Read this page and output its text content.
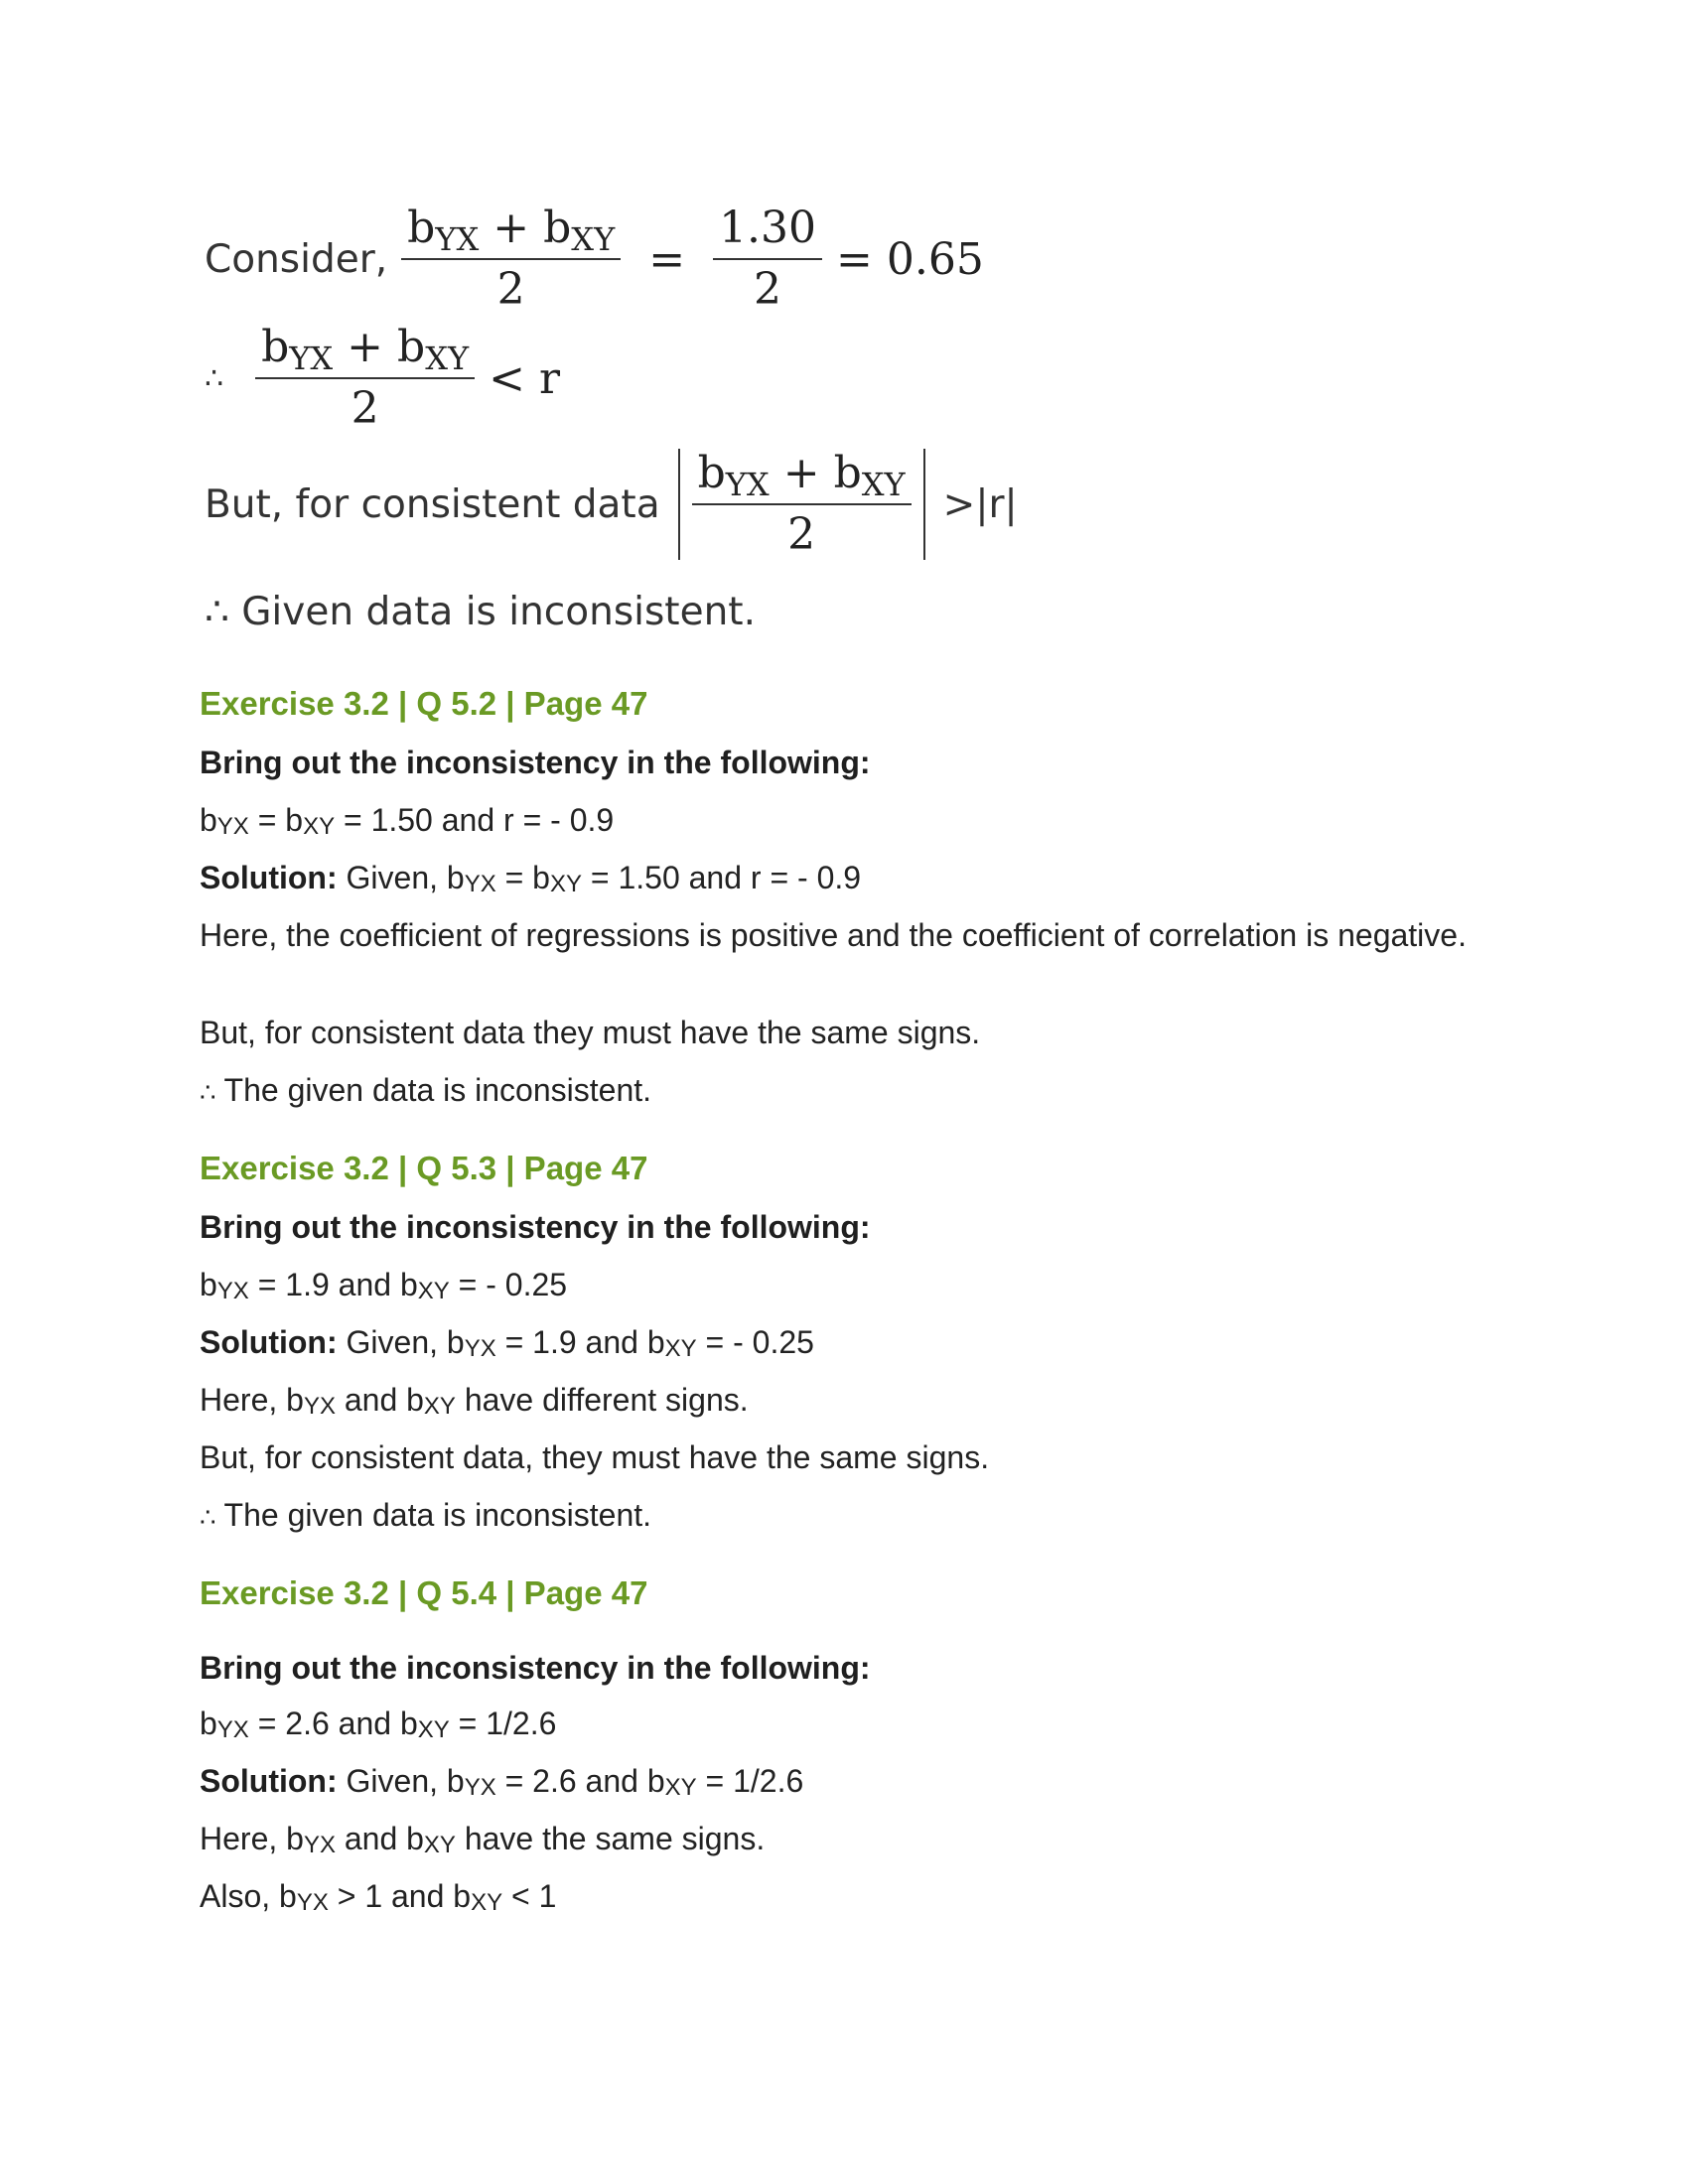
Consider, $\frac{\text{bYX + bXY}}{2} = \frac{1.30}{2} = 0.65$
∴ $\frac{\text{bYX + bXY}}{2} < r$
But, for consistent data $\frac{\text{bYX + bXY}}{2} >|r|$
∴ Given data is inconsistent.
Exercise 3.2 | Q 5.2 | Page 47
Bring out the inconsistency in the following:
bYX = bXY = 1.50 and r = - 0.9
Solution: Given, bYX = bXY = 1.50 and r = - 0.9
Here, the coefficient of regressions is positive and the coefficient of correlation is negative.
But, for consistent data they must have the same signs.
∴ The given data is inconsistent.
Exercise 3.2 | Q 5.3 | Page 47
Bring out the inconsistency in the following:
bYX = 1.9 and bXY = - 0.25
Solution: Given, bYX = 1.9 and bXY = - 0.25
Here, bYX and bXY have different signs.
But, for consistent data, they must have the same signs.
∴ The given data is inconsistent.
Exercise 3.2 | Q 5.4 | Page 47
Bring out the inconsistency in the following:
bYX = 2.6 and bXY = 1/2.6
Solution: Given, bYX = 2.6 and bXY = 1/2.6
Here, bYX and bXY have the same signs.
Also, bYX > 1 and bXY < 1
